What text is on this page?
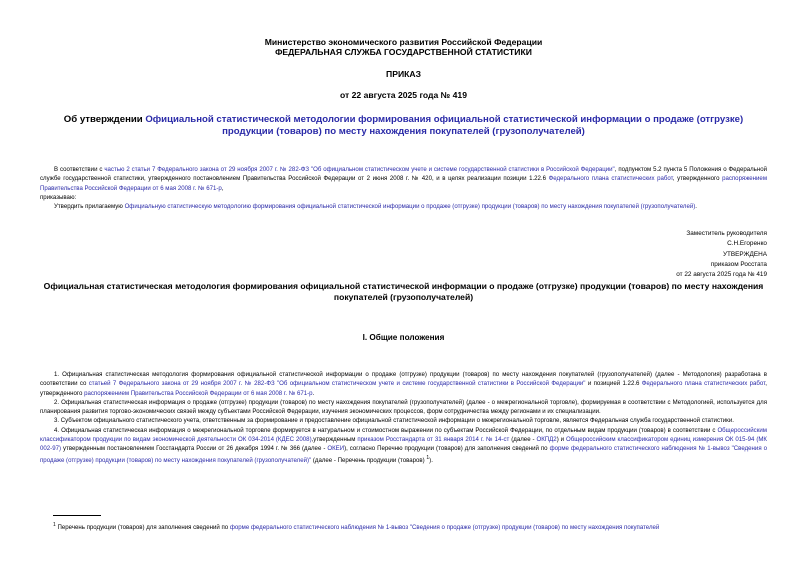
Министерство экономического развития Российской Федерации
ФЕДЕРАЛЬНАЯ СЛУЖБА ГОСУДАРСТВЕННОЙ СТАТИСТИКИ
ПРИКАЗ
от 22 августа 2025 года № 419
Об утверждении Официальной статистической методологии формирования официальной статистической информации о продаже (отгрузке) продукции (товаров) по месту нахождения покупателей (грузополучателей)

В соответствии с частью 2 статьи 7 Федерального закона от 29 ноября 2007 г. № 282-ФЗ "Об официальном статистическом учете и системе государственной статистики в Российской Федерации", подпунктом 5.2 пункта 5 Положения о Федеральной службе государственной статистики, утвержденного постановлением Правительства Российской Федерации от 2 июня 2008 г. № 420, и в целях реализации позиции 1.22.6 Федерального плана статистических работ, утвержденного распоряжением Правительства Российской Федерации от 6 мая 2008 г. № 671-р,

приказываю:

Утвердить прилагаемую Официальную статистическую методологию формирования официальной статистической информации о продаже (отгрузке) продукции (товаров) по месту нахождения покупателей (грузополучателей).

Заместитель руководителя
С.Н.Егоренко
УТВЕРЖДЕНА
приказом Росстата
от 22 августа 2025 года № 419
Официальная статистическая методология формирования официальной статистической информации о продаже (отгрузке) продукции (товаров) по месту нахождения покупателей (грузополучателей)
I. Общие положения

1. Официальная статистическая методология формирования официальной статистической информации о продаже (отгрузке) продукции (товаров) по месту нахождения покупателей (грузополучателей) (далее - Методология) разработана в соответствии со статьей 7 Федерального закона от 29 ноября 2007 г. № 282-ФЗ "Об официальном статистическом учете и системе государственной статистики в Российской Федерации" и позицией 1.22.6 Федерального плана статистических работ, утвержденного распоряжением Правительства Российской Федерации от 6 мая 2008 г. № 671-р.

2. Официальная статистическая информация о продаже (отгрузке) продукции (товаров) по месту нахождения покупателей (грузополучателей) (далее - о межрегиональной торговле), формируемая в соответствии с Методологией, используется для планирования развития торгово-экономических связей между субъектами Российской Федерации, изучения экономических процессов, форм сотрудничества между регионами и их специализации.

3. Субъектом официального статистического учета, ответственным за формирование и предоставление официальной статистической информации о межрегиональной торговле, является Федеральная служба государственной статистики.

4. Официальная статистическая информация о межрегиональной торговле формируется в натуральном и стоимостном выражении по субъектам Российской Федерации, по отдельным видам продукции (товаров) в соответствии с Общероссийским классификатором продукции по видам экономической деятельности ОК 034-2014 (КДЕС 2008),утвержденным приказом Росстандарта от 31 января 2014 г. № 14-ст (далее - ОКПД2) и Общероссийским классификатором единиц измерения ОК 015-94 (МК 002-97) утвержденным постановлением Госстандарта России от 26 декабря 1994 г. № 366 (далее - ОКЕИ), согласно Перечню продукции (товаров) для заполнения сведений по форме федерального статистического наблюдения № 1-вывоз "Сведения о продаже (отгрузке) продукции (товаров) по месту нахождения покупателей (грузополучателей)" (далее - Перечень продукции (товаров) $^1$).

$^1$ Перечень продукции (товаров) для заполнения сведений по форме федерального статистического наблюдения № 1-вывоз "Сведения о продаже (отгрузке) продукции (товаров) по месту нахождения покупателей
